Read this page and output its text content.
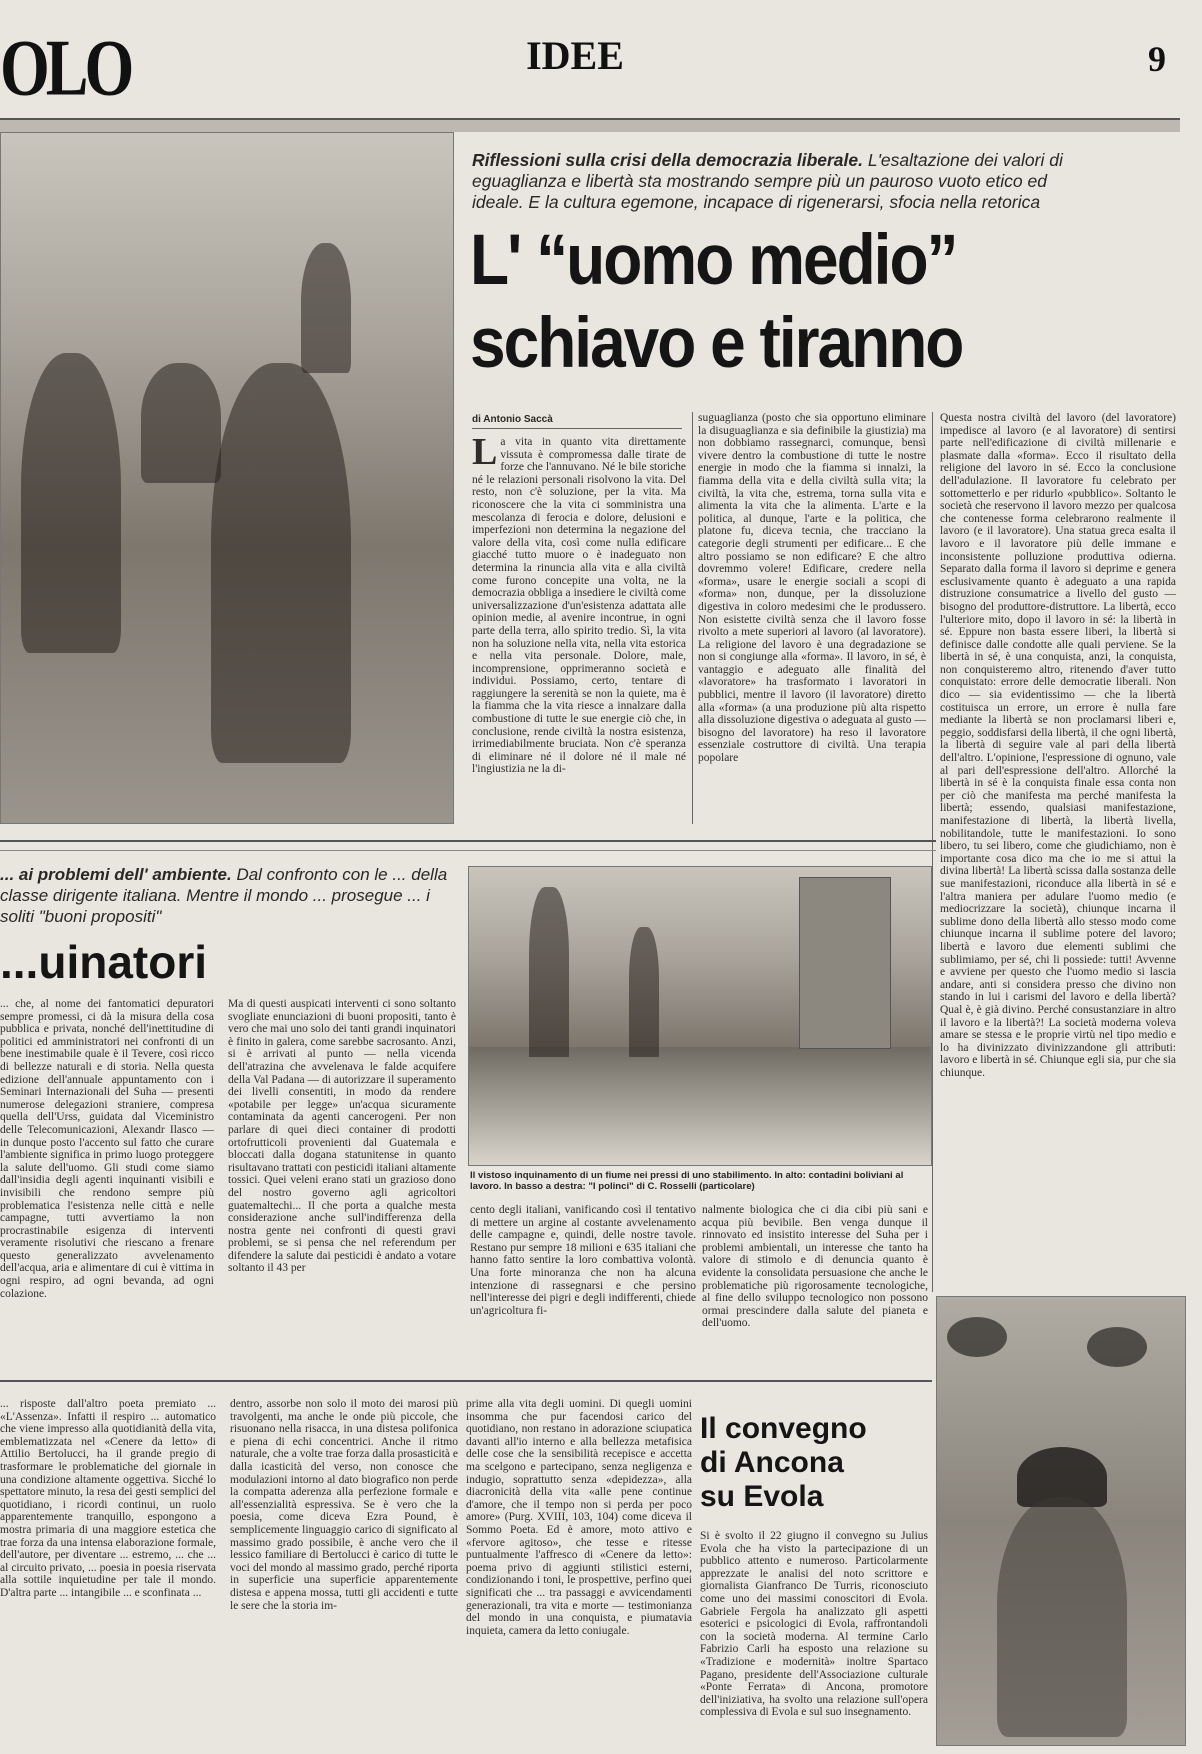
OLO	IDEE	9
Riflessioni sulla crisi della democrazia liberale. L'esaltazione dei valori di eguaglianza e libertà sta mostrando sempre più un pauroso vuoto etico ed ideale. E la cultura egemone, incapace di rigenerarsi, sfocia nella retorica
L' “uomo medio”
schiavo e tiranno
di Antonio Saccà
La vita in quanto vita direttamente vissuta è compromessa dalle tirate de forze che l'annuvano. Né le bile storiche né le relazioni personali risolvono la vita. Del resto, non c'è soluzione, per la vita. Ma riconoscere che la vita ci somministra una mescolanza di ferocia e dolore, delusioni e imperfezioni non determina la negazione del valore della vita, così come nulla edificare giacché tutto muore o è inadeguato non determina la rinuncia alla vita e alla civiltà come furono concepite una volta, ne la democrazia obbliga a insediere le civiltà come universalizzazione d'un'esistenza adattata alle opinion medie, al avenire incontrue, in ogni parte della terra, allo spirito tredio. Sì, la vita non ha soluzione nella vita, nella vita estorica e nella vita personale. Dolore, male, incomprensione, opprimeranno società e individui. Possiamo, certo, tentare di raggiungere la serenità se non la quiete, ma è la fiamma che la vita riesce a innalzare dalla combustione di tutte le sue energie ciò che, in conclusione, rende civiltà la nostra esistenza, irrimediabilmente bruciata. Non c'è speranza di eliminare né il dolore né il male né l'ingiustizia ne la di-
suguaglianza (posto che sia opportuno eliminare la disuguaglianza e sia definibile la giustizia) ma non dobbiamo rassegnarci, comunque, bensì vivere dentro la combustione di tutte le nostre energie in modo che la fiamma si innalzi, la fiamma della vita e della civiltà sulla vita; la civiltà, la vita che, estrema, torna sulla vita e alimenta la vita che la alimenta. L'arte e la politica, al dunque, l'arte e la politica, che platone fu, diceva tecnia, che tracciano la categorie degli strumenti per edificare... E che altro possiamo se non edificare? E che altro dovremmo volere! Edificare, credere nella «forma», usare le energie sociali a scopi di «forma» non, dunque, per la dissoluzione digestiva in coloro medesimi che le produssero. Non esistette civiltà senza che il lavoro fosse rivolto a mete superiori al lavoro (al lavoratore). La religione del lavoro è una degradazione se non si congiunge alla «forma». Il lavoro, in sé, è vantaggio e adeguato alle finalità del «lavoratore» ha trasformato i lavoratori in pubblici, mentre il lavoro (il lavoratore) diretto alla «forma» (a una produzione più alta rispetto alla dissoluzione digestiva o adeguata al gusto — bisogno del lavoratore) ha reso il lavoratore essenziale costruttore di civiltà. Una terapia popolare
Questa nostra civiltà del lavoro (del lavoratore) impedisce al lavoro (e al lavoratore) di sentirsi parte nell'edificazione di civiltà millenarie e plasmate dalla «forma». Ecco il risultato della religione del lavoro in sé. Ecco la conclusione dell'adulazione. Il lavoratore fu celebrato per sottometterlo e per ridurlo «pubblico». Soltanto le società che reservono il lavoro mezzo per qualcosa che contenesse forma celebrarono realmente il lavoro (e il lavoratore). Una statua greca esalta il lavoro e il lavoratore più delle immane e inconsistente polluzione produttiva odierna. Separato dalla forma il lavoro si deprime e genera esclusivamente quanto è adeguato a una rapida distruzione consumatrice a livello del gusto — bisogno del produttore-distruttore. La libertà, ecco l'ulteriore mito, dopo il lavoro in sé: la libertà in sé. Eppure non basta essere liberi, la libertà si definisce dalle condotte alle quali perviene. Se la libertà in sé, è una conquista, anzi, la conquista, non conquisteremo altro, ritenendo d'aver tutto conquistato: errore delle democratie liberali. Non dico — sia evidentissimo — che la libertà costituisca un errore, un errore è nulla fare mediante la libertà se non proclamarsi liberi e, peggio, soddisfarsi della libertà, il che ogni libertà, la libertà di seguire vale al pari della libertà dell'altro. L'opinione, l'espressione di ognuno, vale al pari dell'espressione dell'altro. Allorché la libertà in sé è la conquista finale essa conta non per ciò che manifesta ma perché manifesta la libertà; essendo, qualsiasi manifestazione, manifestazione di libertà, la libertà livella, nobilitandole, tutte le manifestazioni. Io sono libero, tu sei libero, come che giudichiamo, non è importante cosa dico ma che io me si attui la divina libertà! La libertà scissa dalla sostanza delle sue manifestazioni, riconduce alla libertà in sé e l'altra maniera per adulare l'uomo medio (e mediocrizzare la società), chiunque incarna il sublime dono della libertà allo stesso modo come chiunque incarna il sublime potere del lavoro; libertà e lavoro due elementi sublimi che sublimiamo, per sé, chi li possiede: tutti! Avvenne e avviene per questo che l'uomo medio si lascia andare, anti si considera presso che divino non stando in lui i carismi del lavoro e della libertà? Qual è, è già divino. Perché consustanziare in altro il lavoro e la libertà?! La società moderna voleva amare se stessa e le proprie virtù nel tipo medio e lo ha divinizzato divinizzandone gli attributi: lavoro e libertà in sé. Chiunque egli sia, pur che sia chiunque.
... ai problemi dell' ambiente. Dal confronto con le ... della classe dirigente italiana. Mentre il mondo ... prosegue ... i soliti "buoni propositi"
...uinatori
Il vistoso inquinamento di un fiume nei pressi di uno stabilimento. In alto: contadini boliviani al lavoro. In basso a destra: "I polinci" di C. Rosselli (particolare)
... che, al nome dei fantomatici depuratori sempre promessi, ci dà la misura della cosa pubblica e privata, nonché dell'inettitudine di politici ed amministratori nei confronti di un bene inestimabile quale è il Tevere, così ricco di bellezze naturali e di storia. Nella questa edizione dell'annuale appuntamento con i Seminari Internazionali del Suha — presenti numerose delegazioni straniere, compresa quella dell'Urss, guidata dal Viceministro delle Telecomunicazioni, Alexandr Ilasco — in dunque posto l'accento sul fatto che curare l'ambiente significa in primo luogo proteggere la salute dell'uomo. Gli studi come siamo dall'insidia degli agenti inquinanti visibili e invisibili che rendono sempre più problematica l'esistenza nelle città e nelle campagne, tutti avvertiamo la non procrastinabile esigenza di interventi veramente risolutivi che riescano a frenare questo generalizzato avvelenamento dell'acqua, aria e alimentare di cui è vittima in ogni respiro, ad ogni bevanda, ad ogni colazione.
Ma di questi auspicati interventi ci sono soltanto svogliate enunciazioni di buoni propositi, tanto è vero che mai uno solo dei tanti grandi inquinatori è finito in galera, come sarebbe sacrosanto. Anzi, si è arrivati al punto — nella vicenda dell'atrazina che avvelenava le falde acquifere della Val Padana — di autorizzare il superamento dei livelli consentiti, in modo da rendere «potabile per legge» un'acqua sicuramente contaminata da agenti cancerogeni. Per non parlare di quei dieci container di prodotti ortofrutticoli provenienti dal Guatemala e bloccati dalla dogana statunitense in quanto risultavano trattati con pesticidi italiani altamente tossici. Quei veleni erano stati un grazioso dono del nostro governo agli agricoltori guatemaltechi... Il che porta a qualche mesta considerazione anche sull'indifferenza della nostra gente nei confronti di questi gravi problemi, se si pensa che nel referendum per difendere la salute dai pesticidi è andato a votare soltanto il 43 per
cento degli italiani, vanificando così il tentativo di mettere un argine al costante avvelenamento delle campagne e, quindi, delle nostre tavole. Restano pur sempre 18 milioni e 635 italiani che hanno fatto sentire la loro combattiva volontà. Una forte minoranza che non ha alcuna intenzione di rassegnarsi e che persino nell'interesse dei pigri e degli indifferenti, chiede un'agricoltura fi-
nalmente biologica che ci dia cibi più sani e acqua più bevibile. Ben venga dunque il rinnovato ed insistito interesse del Suha per i problemi ambientali, un interesse che tanto ha valore di stimolo e di denuncia quanto è evidente la consolidata persuasione che anche le problematiche più rigorosamente tecnologiche, al fine dello sviluppo tecnologico non possono ormai prescindere dalla salute del pianeta e dell'uomo.
... risposte dall'altro poeta premiato ... «L'Assenza». Infatti il respiro ... automatico che viene impresso alla quotidianità della vita, emblematizzata nel «Cenere da letto» di Attilio Bertolucci, ha il grande pregio di trasformare le problematiche del giornale in una condizione altamente oggettiva. Sicché lo spettatore minuto, la resa dei gesti semplici del quotidiano, i ricordi continui, un ruolo apparentemente tranquillo, espongono a mostra primaria di una maggiore estetica che trae forza da una intensa elaborazione formale, dell'autore, per diventare ... estremo, ... che ... al circuito privato, ... poesia in poesia riservata alla sottile inquietudine per tale il mondo. D'altra parte ... intangibile ... e sconfinata ...
dentro, assorbe non solo il moto dei marosi più travolgenti, ma anche le onde più piccole, che risuonano nella risacca, in una distesa polifonica e piena di echi concentrici. Anche il ritmo naturale, che a volte trae forza dalla prosasticità e dalla icasticità del verso, non conosce che modulazioni intorno al dato biografico non perde la compatta aderenza alla perfezione formale e all'essenzialità espressiva. Se è vero che la poesia, come diceva Ezra Pound, è semplicemente linguaggio carico di significato al massimo grado possibile, è anche vero che il lessico familiare di Bertolucci è carico di tutte le voci del mondo al massimo grado, perché riporta in superficie una superficie apparentemente distesa e appena mossa, tutti gli accidenti e tutte le sere che la storia im-
prime alla vita degli uomini. Di quegli uomini insomma che pur facendosi carico del quotidiano, non restano in adorazione sciupatica davanti all'io interno e alla bellezza metafisica delle cose che la sensibilità recepisce e accetta ma scelgono e partecipano, senza negligenza e indugio, soprattutto senza «depidezza», alla diacronicità della vita «alle pene continue d'amore, che il tempo non si perda per poco amore» (Purg. XVIII, 103, 104) come diceva il Sommo Poeta. Ed è amore, moto attivo e «fervore agitoso», che tesse e ritesse puntualmente l'affresco di «Cenere da letto»: poema privo di aggiunti stilistici esterni, condizionando i toni, le prospettive, perfino quei significati che ... tra passaggi e avvicendamenti generazionali, tra vita e morte — testimonianza del mondo in una conquista, e piumatavia inquieta, camera da letto coniugale.
Il convegno
di Ancona
su Evola
Si è svolto il 22 giugno il convegno su Julius Evola che ha visto la partecipazione di un pubblico attento e numeroso. Particolarmente apprezzate le analisi del noto scrittore e giornalista Gianfranco De Turris, riconosciuto come uno dei massimi conoscitori di Evola. Gabriele Fergola ha analizzato gli aspetti esoterici e psicologici di Evola, raffrontandoli con la società moderna. Al termine Carlo Fabrizio Carli ha esposto una relazione su «Tradizione e modernità» inoltre Spartaco Pagano, presidente dell'Associazione culturale «Ponte Ferrata» di Ancona, promotore dell'iniziativa, ha svolto una relazione sull'opera complessiva di Evola e sul suo insegnamento.
